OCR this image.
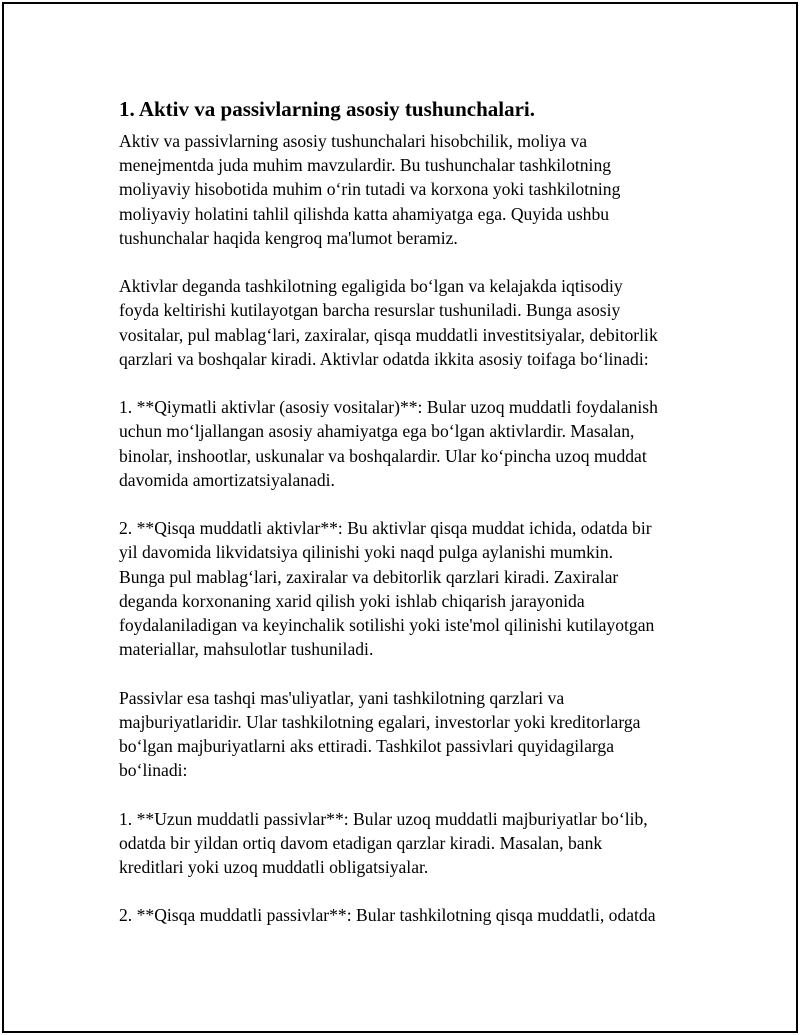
1. Aktiv va passivlarning asosiy tushunchalari.
Aktiv va passivlarning asosiy tushunchalari hisobchilik, moliya va
menejmentda juda muhim mavzulardir. Bu tushunchalar tashkilotning
moliyaviy hisobotida muhim oʻrin tutadi va korxona yoki tashkilotning
moliyaviy holatini tahlil qilishda katta ahamiyatga ega. Quyida ushbu
tushunchalar haqida kengroq ma'lumot beramiz.
Aktivlar deganda tashkilotning egaligida boʻlgan va kelajakda iqtisodiy
foyda keltirishi kutilayotgan barcha resurslar tushuniladi. Bunga asosiy
vositalar, pul mablagʻlari, zaxiralar, qisqa muddatli investitsiyalar, debitorlik
qarzlari va boshqalar kiradi. Aktivlar odatda ikkita asosiy toifaga boʻlinadi:
1. **Qiymatli aktivlar (asosiy vositalar)**: Bular uzoq muddatli foydalanish
uchun moʻljallangan asosiy ahamiyatga ega boʻlgan aktivlardir. Masalan,
binolar, inshootlar, uskunalar va boshqalardir. Ular koʻpincha uzoq muddat
davomida amortizatsiyalanadi.
2. **Qisqa muddatli aktivlar**: Bu aktivlar qisqa muddat ichida, odatda bir
yil davomida likvidatsiya qilinishi yoki naqd pulga aylanishi mumkin.
Bunga pul mablagʻlari, zaxiralar va debitorlik qarzlari kiradi. Zaxiralar
deganda korxonaning xarid qilish yoki ishlab chiqarish jarayonida
foydalaniladigan va keyinchalik sotilishi yoki iste'mol qilinishi kutilayotgan
materiallar, mahsulotlar tushuniladi.
Passivlar esa tashqi mas'uliyatlar, yani tashkilotning qarzlari va
majburiyatlaridir. Ular tashkilotning egalari, investorlar yoki kreditorlarga
boʻlgan majburiyatlarni aks ettiradi. Tashkilot passivlari quyidagilarga
boʻlinadi:
1. **Uzun muddatli passivlar**: Bular uzoq muddatli majburiyatlar boʻlib,
odatda bir yildan ortiq davom etadigan qarzlar kiradi. Masalan, bank
kreditlari yoki uzoq muddatli obligatsiyalar.
2. **Qisqa muddatli passivlar**: Bular tashkilotning qisqa muddatli, odatda
